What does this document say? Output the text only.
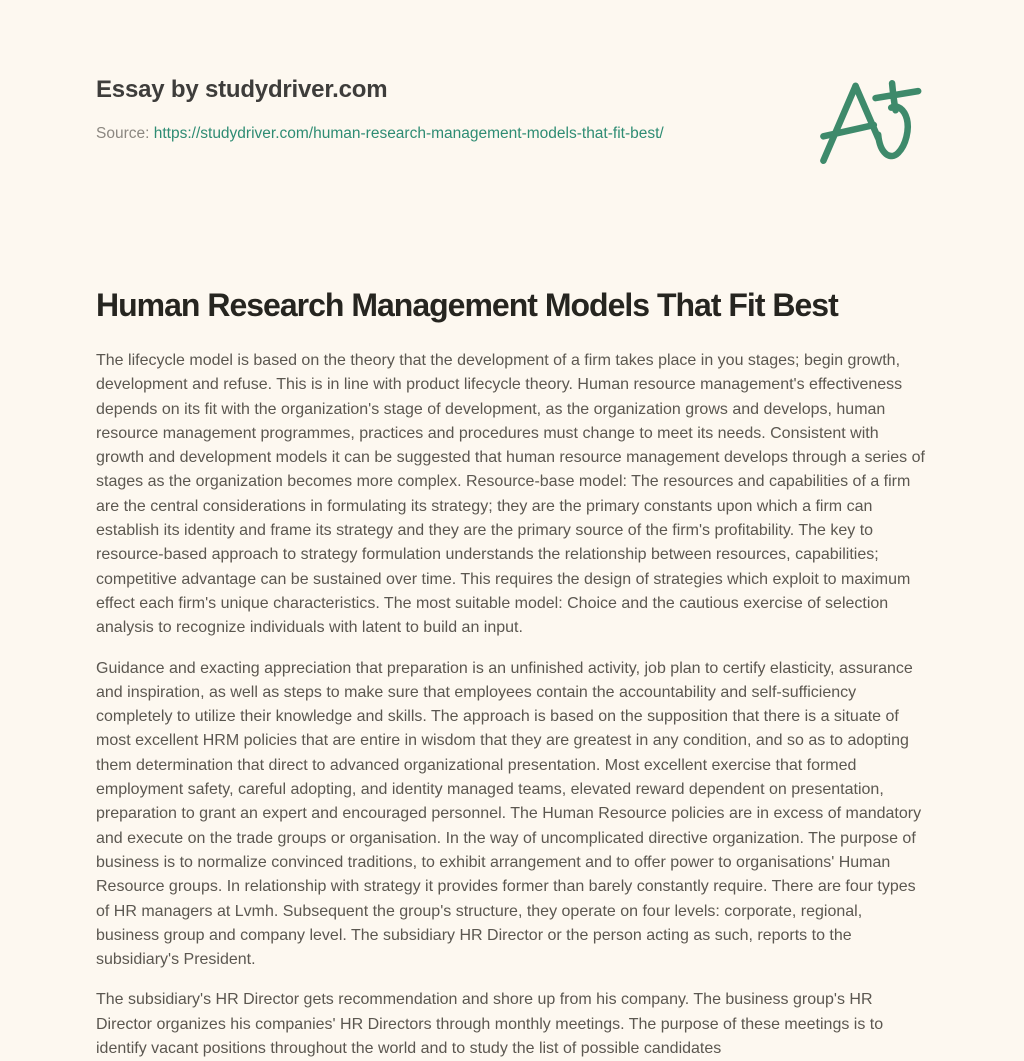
Essay by studydriver.com
Source: https://studydriver.com/human-research-management-models-that-fit-best/
Human Research Management Models That Fit Best

The lifecycle model is based on the theory that the development of a firm takes place in you stages; begin growth, development and refuse. This is in line with product lifecycle theory. Human resource management's effectiveness depends on its fit with the organization's stage of development, as the organization grows and develops, human resource management programmes, practices and procedures must change to meet its needs. Consistent with growth and development models it can be suggested that human resource management develops through a series of stages as the organization becomes more complex. Resource-base model: The resources and capabilities of a firm are the central considerations in formulating its strategy; they are the primary constants upon which a firm can establish its identity and frame its strategy and they are the primary source of the firm's profitability. The key to resource-based approach to strategy formulation understands the relationship between resources, capabilities; competitive advantage can be sustained over time. This requires the design of strategies which exploit to maximum effect each firm's unique characteristics. The most suitable model: Choice and the cautious exercise of selection analysis to recognize individuals with latent to build an input.

Guidance and exacting appreciation that preparation is an unfinished activity, job plan to certify elasticity, assurance and inspiration, as well as steps to make sure that employees contain the accountability and self-sufficiency completely to utilize their knowledge and skills. The approach is based on the supposition that there is a situate of most excellent HRM policies that are entire in wisdom that they are greatest in any condition, and so as to adopting them determination that direct to advanced organizational presentation. Most excellent exercise that formed employment safety, careful adopting, and identity managed teams, elevated reward dependent on presentation, preparation to grant an expert and encouraged personnel. The Human Resource policies are in excess of mandatory and execute on the trade groups or organisation. In the way of uncomplicated directive organization. The purpose of business is to normalize convinced traditions, to exhibit arrangement and to offer power to organisations' Human Resource groups. In relationship with strategy it provides former than barely constantly require. There are four types of HR managers at Lvmh. Subsequent the group's structure, they operate on four levels: corporate, regional, business group and company level. The subsidiary HR Director or the person acting as such, reports to the subsidiary's President.

The subsidiary's HR Director gets recommendation and shore up from his company. The business group's HR Director organizes his companies' HR Directors through monthly meetings. The purpose of these meetings is to identify vacant positions throughout the world and to study the list of possible candidates
